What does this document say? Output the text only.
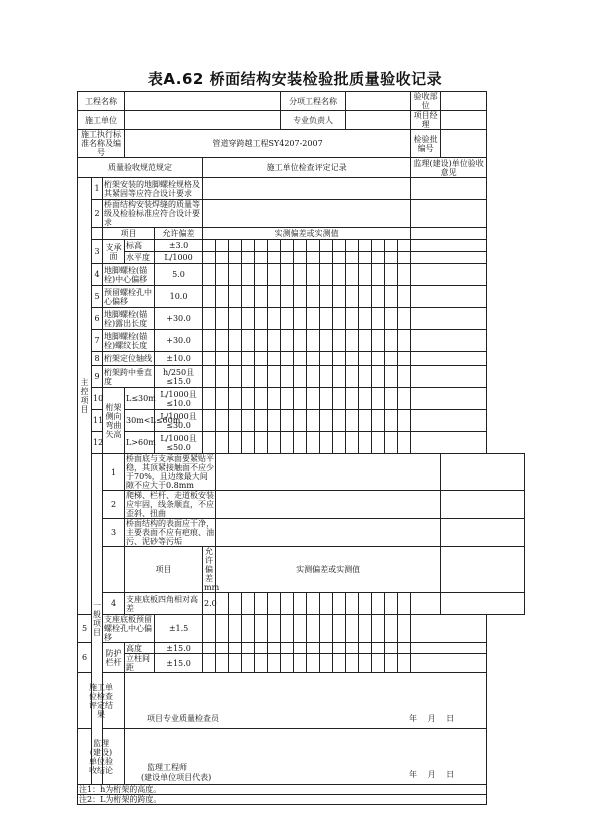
表A.62 桥面结构安装检验批质量验收记录
工程名称											分项工程名称										验收部位	
施工单位											专业负责人										项目经理	
施工执行标准名称及编号			管道穿跨越工程SY4207-2007																		检验批编号	
质量验收规范规定					施工单位检查评定记录																监理(建设)单位验收意见	

主控项目	1	桁架安装的地脚螺栓规格及其紧固等应符合设计要求																				
	2	桥面结构安装焊缝的质量等级及检验标准应符合设计要求																				
		项目		允许偏差	实测偏差或实测值																	
	3	支承面	标高	±3.0																		
			水平度	L/1000																		
	4	地脚螺栓(锚栓)中心偏移		5.0																		
	5	预留螺栓孔中心偏移		10.0																		
	6	地脚螺栓(锚栓)露出长度		+30.0																		
	7	地脚螺栓(锚栓)螺纹长度		+30.0																		
	8	桁架定位轴线		±10.0																		
	9	桁架跨中垂直度		h/250且≤15.0																		
	10	桁架侧向弯曲矢高	L≤30m	L/1000且≤10.0																		
	11		30m<L≤60m	L/1000且≤30.0																		
	12		L>60m	L/1000且≤50.0																		

	一般项目	1	桥面底与支承面要紧贴平稳，其顶紧接触面不应少于70%，且边缘最大间隙不应大于0.8mm																			
		2	爬梯、栏杆、走道板安装应牢固，线条顺直，不应歪斜、扭曲																			
		3	桥面结构的表面应干净，主要表面不应有疤痕、油污、泥砂等污垢																			
			项目		允许偏差mm	实测偏差或实测值																
		4	支座底板四角相对高差		2.0																	
5		支座底板预留螺栓孔中心偏移		±1.5																		
6		防护栏杆	高度	±15.0																		
			立柱间距	±15.0																		

施工单位检查评定结果			项目专业质量检查员 年 月 日																			

监理(建设)单位验收结论			监理工程师
(建设单位项目代表) 年 月 日																			

注1：h为桁架的高度。																						
注2：L为桁架的跨度。																						
